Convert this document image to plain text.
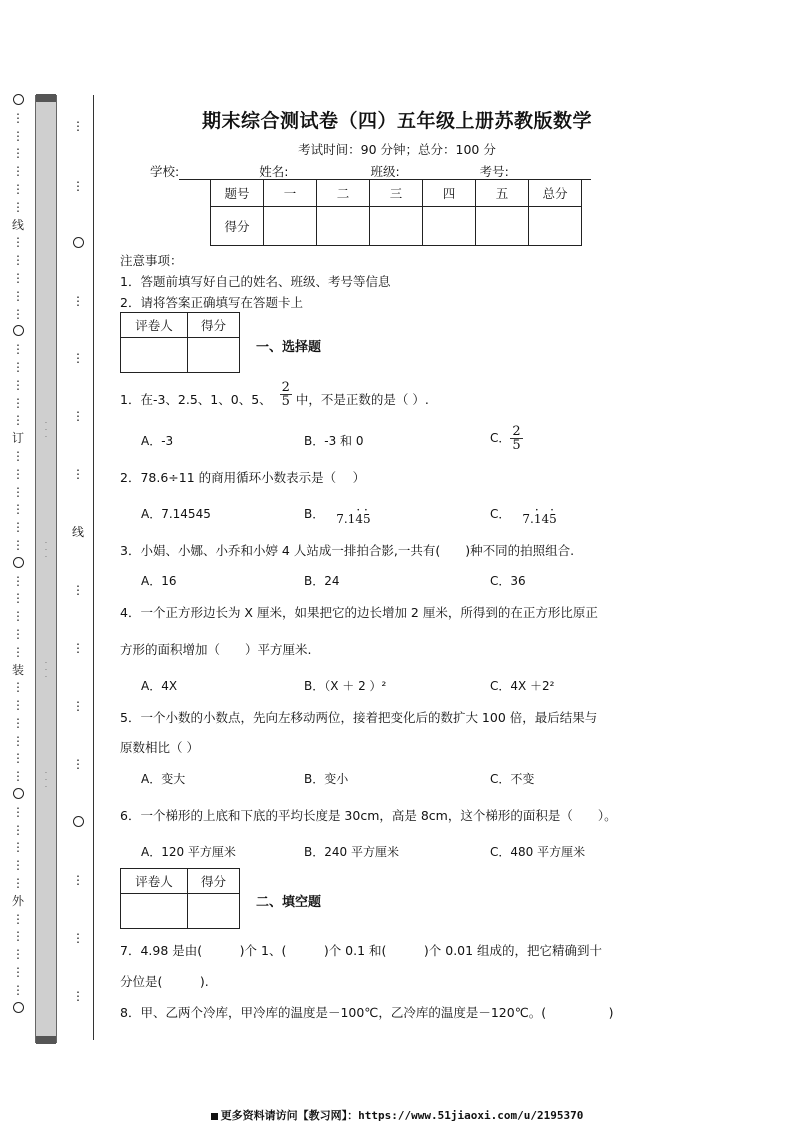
⋮
⋮
⋮
⋮
⋮
⋮
线
⋮
⋮
⋮
⋮
⋮
⋮
⋮
⋮
⋮
⋮
订
⋮
⋮
⋮
⋮
⋮
⋮
⋮
⋮
⋮
⋮
⋮
装
⋮
⋮
⋮
⋮
⋮
⋮
⋮
⋮
⋮
⋮
⋮
外
⋮
⋮
⋮
⋮
⋮
·
·
·
·
·
·
·
·
·
·
·
·
⋮
⋮
⋮
⋮
⋮
⋮
线
⋮
⋮
⋮
⋮
⋮
⋮
⋮
期末综合测试卷（四）五年级上册苏教版数学
考试时间：90 分钟；总分：100 分
学校:	姓名:	班级:	考号:
题号	一	二	三	四	五	总分
得分						
注意事项：
1．答题前填写好自己的姓名、班级、考号等信息
2．请将答案正确填写在答题卡上
评卷人	得分

一、选择题
1．在-3、2.5、1、0、5、 $\frac{2}{5}$ 中，不是正数的是（ ）.
A．-3	B．-3 和 0	C． $\frac{2}{5}$
2．78.6÷11 的商用循环小数表示是（　 ）
A．7.14545	B． 7.1· 4· 5	C． 7.· 14· 5
3．小娟、小娜、小乔和小婷 4 人站成一排拍合影,一共有(　　)种不同的拍照组合.
A．16	B．24	C．36
4．一个正方形边长为 X 厘米，如果把它的边长增加 2 厘米，所得到的在正方形比原正
方形的面积增加（　　）平方厘米.
A．4X	B．（X ＋ 2 ）²	C．4X ＋2²
5．一个小数的小数点，先向左移动两位，接着把变化后的数扩大 100 倍，最后结果与
原数相比（ ）
A．变大	B．变小	C．不变
6．一个梯形的上底和下底的平均长度是 30cm，高是 8cm，这个梯形的面积是（　　）。
A．120 平方厘米	B．240 平方厘米	C．480 平方厘米
评卷人	得分

二、填空题
7．4.98 是由(　　　)个 1、(　　　)个 0.1 和(　　　)个 0.01 组成的，把它精确到十
分位是(　　　).
8．甲、乙两个冷库，甲冷库的温度是－100℃，乙冷库的温度是－120℃。(　　　　　)
更多资料请访问【教习网】：https://www.51jiaoxi.com/u/2195370
